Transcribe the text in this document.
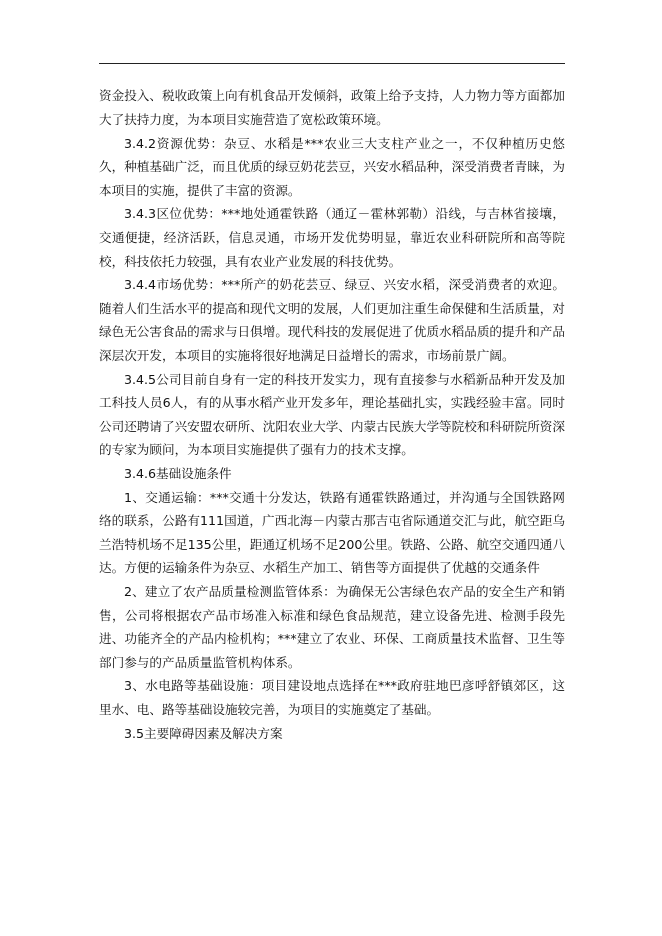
资金投入、税收政策上向有机食品开发倾斜，政策上给予支持，人力物力等方面都加大了扶持力度，为本项目实施营造了宽松政策环境。

3.4.2资源优势：杂豆、水稻是***农业三大支柱产业之一，不仅种植历史悠久，种植基础广泛，而且优质的绿豆奶花芸豆，兴安水稻品种，深受消费者青睐，为本项目的实施，提供了丰富的资源。

3.4.3区位优势：***地处通霍铁路（通辽－霍林郭勒）沿线，与吉林省接壤，交通便捷，经济活跃，信息灵通，市场开发优势明显，靠近农业科研院所和高等院校，科技依托力较强，具有农业产业发展的科技优势。

3.4.4市场优势：***所产的奶花芸豆、绿豆、兴安水稻，深受消费者的欢迎。随着人们生活水平的提高和现代文明的发展，人们更加注重生命保健和生活质量，对绿色无公害食品的需求与日俱增。现代科技的发展促进了优质水稻品质的提升和产品深层次开发，本项目的实施将很好地满足日益增长的需求，市场前景广阔。

3.4.5公司目前自身有一定的科技开发实力，现有直接参与水稻新品种开发及加工科技人员6人，有的从事水稻产业开发多年，理论基础扎实，实践经验丰富。同时公司还聘请了兴安盟农研所、沈阳农业大学、内蒙古民族大学等院校和科研院所资深的专家为顾问，为本项目实施提供了强有力的技术支撑。

3.4.6基础设施条件

1、交通运输：***交通十分发达，铁路有通霍铁路通过，并沟通与全国铁路网络的联系，公路有111国道，广西北海－内蒙古那吉屯省际通道交汇与此，航空距乌兰浩特机场不足135公里，距通辽机场不足200公里。铁路、公路、航空交通四通八达。方便的运输条件为杂豆、水稻生产加工、销售等方面提供了优越的交通条件

2、建立了农产品质量检测监管体系：为确保无公害绿色农产品的安全生产和销售，公司将根据农产品市场准入标准和绿色食品规范，建立设备先进、检测手段先进、功能齐全的产品内检机构；***建立了农业、环保、工商质量技术监督、卫生等部门参与的产品质量监管机构体系。

3、水电路等基础设施：项目建设地点选择在***政府驻地巴彦呼舒镇郊区，这里水、电、路等基础设施较完善，为项目的实施奠定了基础。

3.5主要障碍因素及解决方案
